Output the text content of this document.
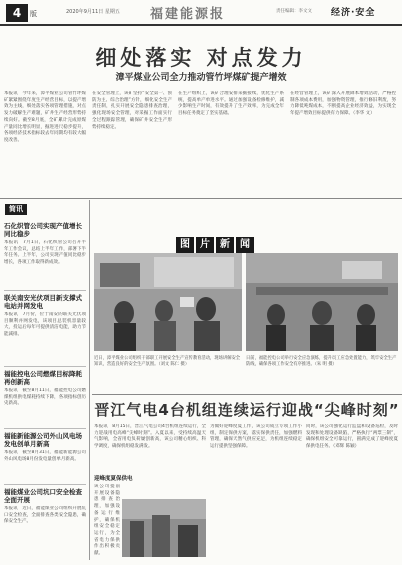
4	版	2020年9月11日 星期五 福建能源报	责任编辑：李文文 经济·安全
细处落实 对点发力
漳平煤业公司全力推动管竹坪煤矿提产增效
本报讯　今年来，漳平煤业公司管竹坪煤矿紧紧围绕年度生产经营目标，以提产增效为主线，细处落实各项管理措施，对点发力破解生产难题，矿井生产经营形势持续向好。截至8月底，全矿累计完成原煤产量同比增长明显，掘进进尺稳步提升，各项经济技术指标较去年同期均有较大幅度改善。
在安全管理上，该矿坚持“安全第一、预防为主、综合治理”方针，细化安全生产责任制，扎实开展安全隐患排查治理，强化现场安全管理，对采掘工作面实行全过程跟踪管理，确保矿井安全生产形势持续稳定。
在生产组织上，该矿合理安排采掘接续，优化生产系统，提高单产单进水平。通过加强设备检修维护，减少影响生产时间，有效提升了生产效率，为完成全年目标任务奠定了坚实基础。
在经营管理上，该矿深入开展降本增效活动，严格控制各项成本费用，加强物资管理，推行修旧利废，努力降低吨煤成本，不断提高企业经济效益，为实现全年提产增效目标提供有力保障。（李华 文）
简讯
石化织管公司实现产值增长同比稳步
本报讯　7月1日，石化织管公司召开半年工作会议，总结上半年工作，部署下半年任务。上半年，公司实现产值同比稳步增长，各项工作取得新成效。
联关南安光伏项目新支撑式电站并网发电
本报讯　7月份，位于南安的联关光伏项目顺利并网发电，该项目总装机容量较大，投运后每年可提供清洁电能，助力节能减排。
福能控电公司燃煤目标降耗再创新高
本报讯　截至8月11日，福能控电公司燃煤机组供电煤耗持续下降，各项指标创历史新高。
福能新能源公司外山风电场发电创单月新高
本报讯　截至8月31日，福能新能源公司外山风电场8月份发电量创单月新高。
福能煤业公司坑口安全检查全面开展
本报讯　近日，福能煤业公司组织开展坑口安全检查，全面排查各类安全隐患，确保安全生产。
图 片 新 闻
近日，漳平煤业公司组织干部职工开展安全生产宣传教育活动，现场讲解安全知识，营造良好的安全生产氛围。（刘文 陈仁 摄）
日前，福能控电公司举行安全应急演练，提升员工应急处置能力，筑牢安全生产防线，确保各项工作安全有序推进。（朱 明 摄）
晋江气电4台机组连续运行迎战“尖峰时刻”
本报讯　8月15日，晋江气电公司4台机组连续运行，全力迎战用电高峰“尖峰时刻”。入夏以来，受持续高温天气影响，全省用电负荷屡创新高，该公司精心组织、科学调度，确保机组稳发满发。
迎峰度夏保供电
该公司提前开展设备隐患排查治理，加强设备运行维护，确保机组安全稳定运行，为全省电力保供作出积极贡献。
为做好迎峰度夏工作，该公司成立专项工作小组，制定保供方案，落实保供责任，加强燃料管理，确保天然气供应充足，为机组连续稳定运行提供坚强保障。
同时，该公司强化运行监盘和设备巡检，及时发现和处理设备缺陷，严格执行“两票三制”，确保机组安全可靠运行，圆满完成了迎峰度夏保供电任务。（邓辉 陈颖）
